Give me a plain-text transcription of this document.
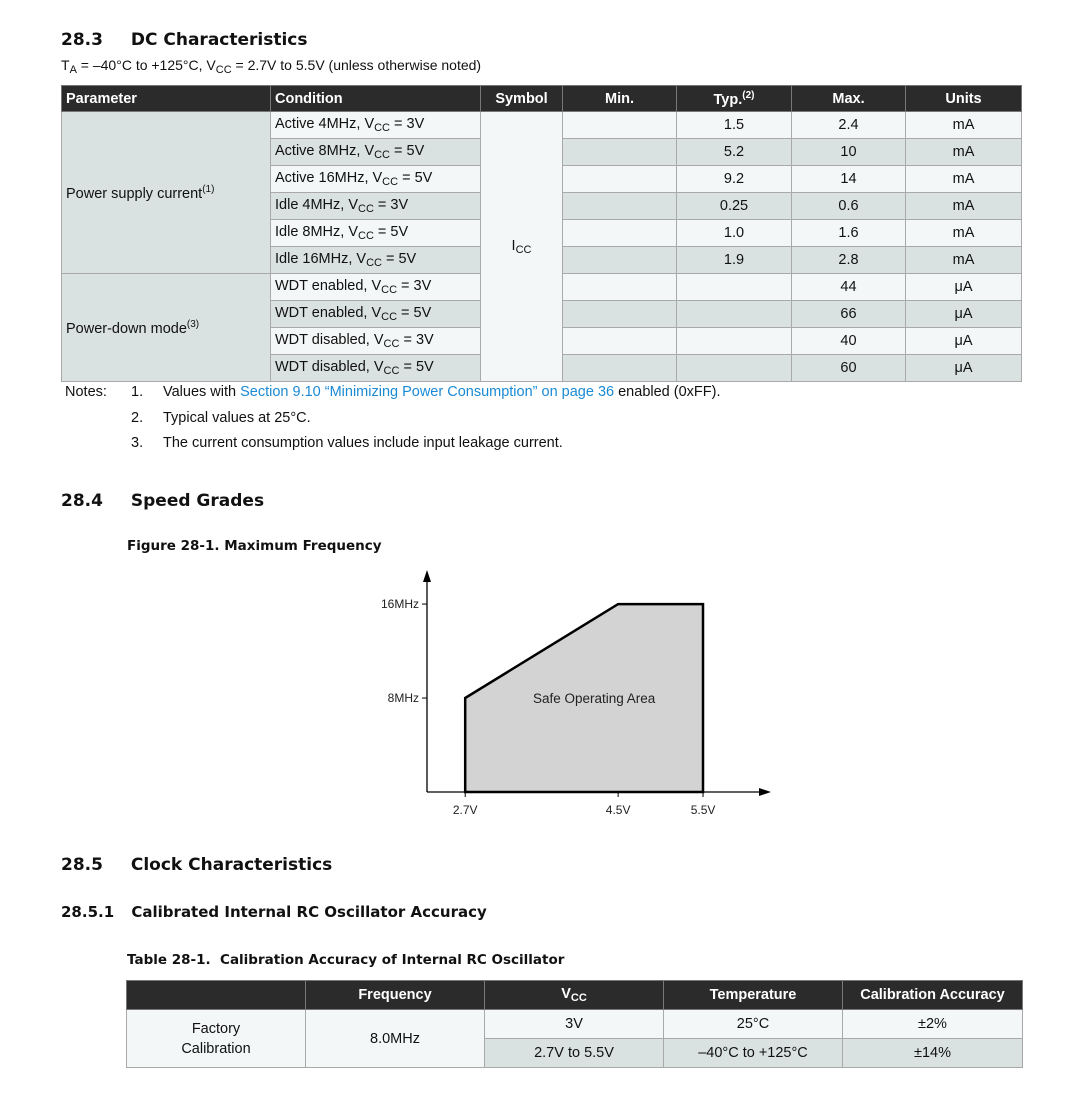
28.3 DC Characteristics
$T_A = -40^\circ C$ to +125°C, $V_{CC} = 2.7V$ to 5.5V (unless otherwise noted)
Parameter	Condition	Symbol	Min.	Typ.$^{(2)}$	Max.	Units
Power supply current$^{(1)}$	Active 4MHz, $V_{CC} = 3V$	$I_{CC}$		1.5	2.4	mA
	Active 8MHz, $V_{CC} = 5V$			5.2	10	mA
	Active 16MHz, $V_{CC} = 5V$			9.2	14	mA
	Idle 4MHz, $V_{CC} = 3V$			0.25	0.6	mA
	Idle 8MHz, $V_{CC} = 5V$			1.0	1.6	mA
	Idle 16MHz, $V_{CC} = 5V$			1.9	2.8	mA
Power-down mode$^{(3)}$	WDT enabled, $V_{CC} = 3V$				44	μA
	WDT enabled, $V_{CC} = 5V$				66	μA
	WDT disabled, $V_{CC} = 3V$				40	μA
	WDT disabled, $V_{CC} = 5V$				60	μA
Notes: 1. Values with Section 9.10 “Minimizing Power Consumption” on page 36 enabled (0xFF).
2. Typical values at 25°C.
3. The current consumption values include input leakage current.
28.4 Speed Grades
Figure 28-1. Maximum Frequency
8MHz
16MHz
2.7V	4.5V	5.5V
Safe Operating Area
28.5 Clock Characteristics
28.5.1 Calibrated Internal RC Oscillator Accuracy
Table 28-1.  Calibration Accuracy of Internal RC Oscillator
	Frequency	$V_{CC}$	Temperature	Calibration Accuracy
Factory
Calibration	8.0MHz	3V	25°C	±2%
		2.7V to 5.5V	–40°C to +125°C	±14%
